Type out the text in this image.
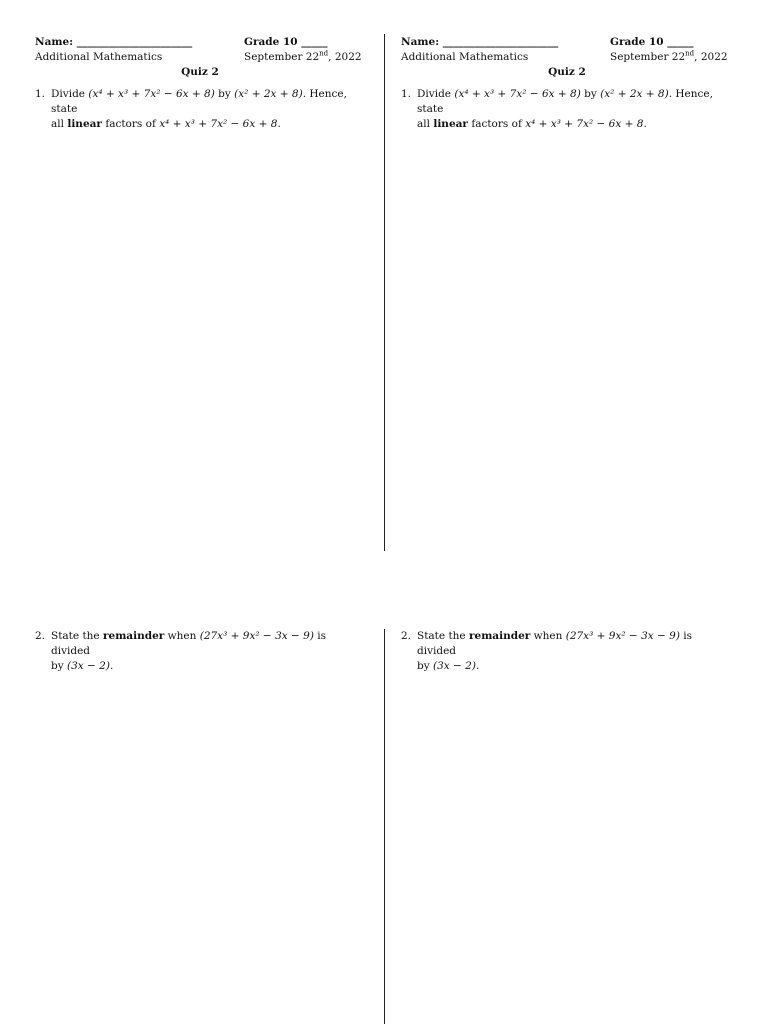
Name: ______________________	Grade 10 _____
Additional Mathematics	September 22nd, 2022
Quiz 2
1. Divide (x⁴ + x³ + 7x² − 6x + 8) by (x² + 2x + 8). Hence, state
all linear factors of x⁴ + x³ + 7x² − 6x + 8.
2. State the remainder when (27x³ + 9x² − 3x − 9) is divided
by (3x − 2).
Name: ______________________	Grade 10 _____
Additional Mathematics	September 22nd, 2022
Quiz 2
1. Divide (x⁴ + x³ + 7x² − 6x + 8) by (x² + 2x + 8). Hence, state
all linear factors of x⁴ + x³ + 7x² − 6x + 8.
2. State the remainder when (27x³ + 9x² − 3x − 9) is divided
by (3x − 2).
